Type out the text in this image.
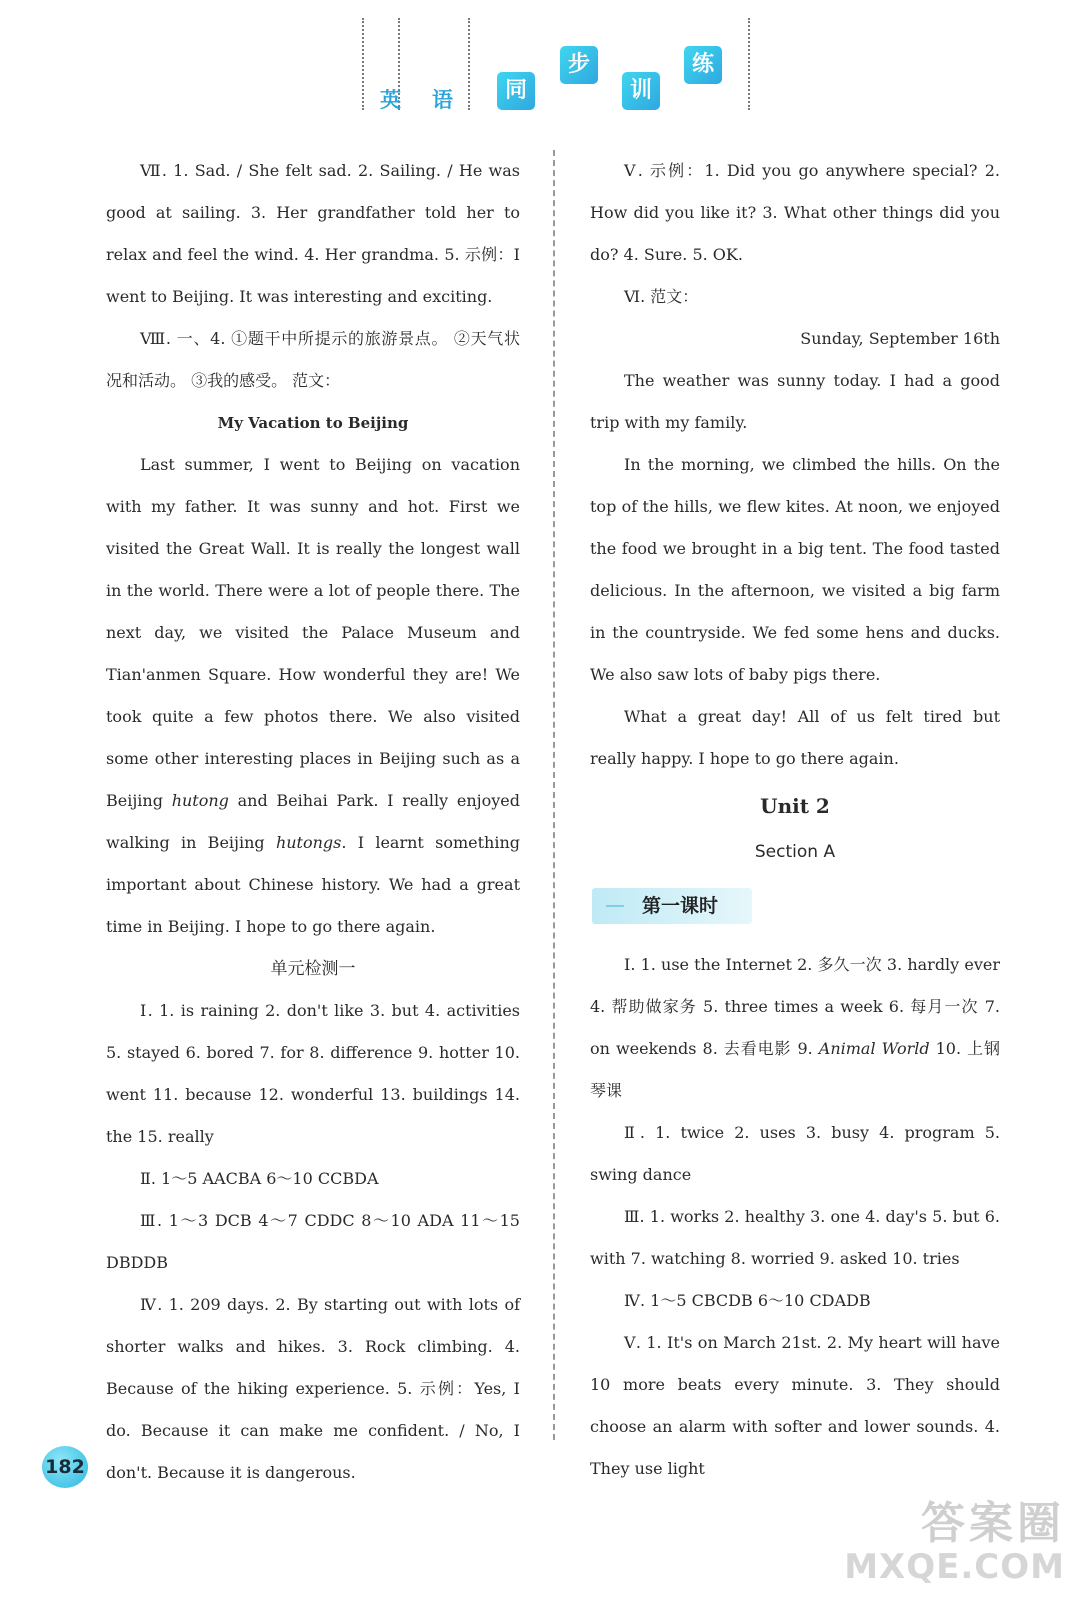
英 语	同
步
训
练

Ⅶ. 1. Sad. / She felt sad. 2. Sailing. / He was good at sailing. 3. Her grandfather told her to relax and feel the wind. 4. Her grandma. 5. 示例：I went to Beijing. It was interesting and exciting.

Ⅷ. 一、4. ①题干中所提示的旅游景点。 ②天气状况和活动。 ③我的感受。 范文：

My Vacation to Beijing

Last summer, I went to Beijing on vacation with my father. It was sunny and hot. First we visited the Great Wall. It is really the longest wall in the world. There were a lot of people there. The next day, we visited the Palace Museum and Tian'anmen Square. How wonderful they are! We took quite a few photos there. We also visited some other interesting places in Beijing such as a Beijing hutong and Beihai Park. I really enjoyed walking in Beijing hutongs. I learnt something important about Chinese history. We had a great time in Beijing. I hope to go there again.

单元检测一

Ⅰ. 1. is raining 2. don't like 3. but 4. activities 5. stayed 6. bored 7. for 8. difference 9. hotter 10. went 11. because 12. wonderful 13. buildings 14. the 15. really

Ⅱ. 1～5 AACBA 6～10 CCBDA

Ⅲ. 1～3 DCB 4～7 CDDC 8～10 ADA 11～15 DBDDB

Ⅳ. 1. 209 days. 2. By starting out with lots of shorter walks and hikes. 3. Rock climbing. 4. Because of the hiking experience. 5. 示例：Yes, I do. Because it can make me confident. / No, I don't. Because it is dangerous.

Ⅴ. 示例：1. Did you go anywhere special? 2. How did you like it? 3. What other things did you do? 4. Sure. 5. OK.

Ⅵ. 范文：

Sunday, September 16th

The weather was sunny today. I had a good trip with my family.

In the morning, we climbed the hills. On the top of the hills, we flew kites. At noon, we enjoyed the food we brought in a big tent. The food tasted delicious. In the afternoon, we visited a big farm in the countryside. We fed some hens and ducks. We also saw lots of baby pigs there.

What a great day! All of us felt tired but really happy. I hope to go there again.

Unit 2

Section A

第一课时

Ⅰ. 1. use the Internet 2. 多久一次 3. hardly ever 4. 帮助做家务 5. three times a week 6. 每月一次 7. on weekends 8. 去看电影 9. Animal World 10. 上钢琴课

Ⅱ. 1. twice 2. uses 3. busy 4. program 5. swing dance

Ⅲ. 1. works 2. healthy 3. one 4. day's 5. but 6. with 7. watching 8. worried 9. asked 10. tries

Ⅳ. 1～5 CBCDB 6～10 CDADB

Ⅴ. 1. It's on March 21st. 2. My heart will have 10 more beats every minute. 3. They should choose an alarm with softer and lower sounds. 4. They use light

182
答案圈
MXQE.COM
